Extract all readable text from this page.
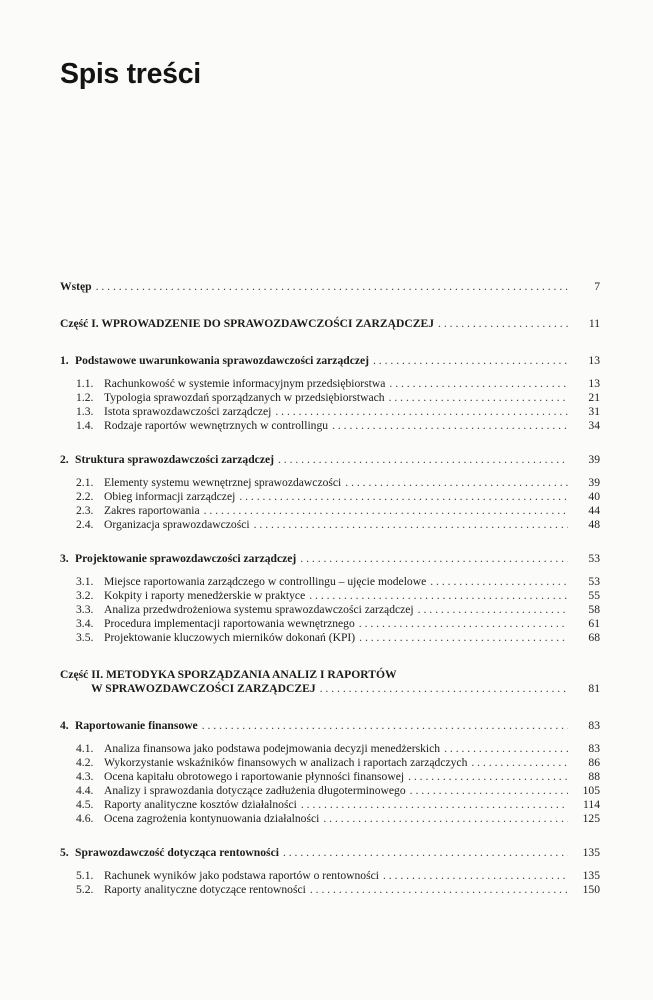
Spis treści
Wstęp . . .	7
Część I. WPROWADZENIE DO SPRAWOZDAWCZOŚCI ZARZĄDCZEJ . . .	11
1. Podstawowe uwarunkowania sprawozdawczości zarządczej . . .	13
1.1. Rachunkowość w systemie informacyjnym przedsiębiorstwa . . .	13
1.2. Typologia sprawozdań sporządzanych w przedsiębiorstwach . . .	21
1.3. Istota sprawozdawczości zarządczej . . .	31
1.4. Rodzaje raportów wewnętrznych w controllingu . . .	34
2. Struktura sprawozdawczości zarządczej . . .	39
2.1. Elementy systemu wewnętrznej sprawozdawczości . . .	39
2.2. Obieg informacji zarządczej . . .	40
2.3. Zakres raportowania . . .	44
2.4. Organizacja sprawozdawczości . . .	48
3. Projektowanie sprawozdawczości zarządczej . . .	53
3.1. Miejsce raportowania zarządczego w controllingu – ujęcie modelowe . . .	53
3.2. Kokpity i raporty menedżerskie w praktyce . . .	55
3.3. Analiza przedwdrożeniowa systemu sprawozdawczości zarządczej . . .	58
3.4. Procedura implementacji raportowania wewnętrznego . . .	61
3.5. Projektowanie kluczowych mierników dokonań (KPI) . . .	68
Część II. METODYKA SPORZĄDZANIA ANALIZ I RAPORTÓW
W SPRAWOZDAWCZOŚCI ZARZĄDCZEJ . . .	81
4. Raportowanie finansowe . . .	83
4.1. Analiza finansowa jako podstawa podejmowania decyzji menedżerskich . . .	83
4.2. Wykorzystanie wskaźników finansowych w analizach i raportach zarządczych . . .	86
4.3. Ocena kapitału obrotowego i raportowanie płynności finansowej . . .	88
4.4. Analizy i sprawozdania dotyczące zadłużenia długoterminowego . . .	105
4.5. Raporty analityczne kosztów działalności . . .	114
4.6. Ocena zagrożenia kontynuowania działalności . . .	125
5. Sprawozdawczość dotycząca rentowności . . .	135
5.1. Rachunek wyników jako podstawa raportów o rentowności . . .	135
5.2. Raporty analityczne dotyczące rentowności . . .	150
